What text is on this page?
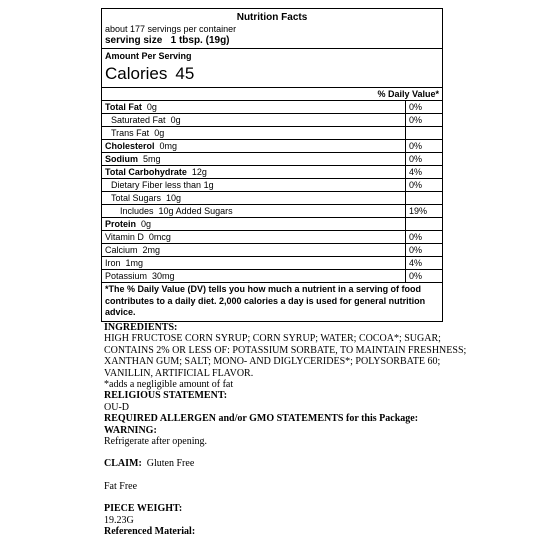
Nutrition Facts
about 177 servings per container
serving size 1 tbsp. (19g)
Amount Per Serving
Calories 45
% Daily Value*	
Total Fat 0g	0%
Saturated Fat 0g	0%
Trans Fat 0g	
Cholesterol 0mg	0%
Sodium 5mg	0%
Total Carbohydrate 12g	4%
Dietary Fiber less than 1g	0%
Total Sugars 10g	
Includes 10g Added Sugars	19%
Protein 0g	
Vitamin D 0mcg	0%
Calcium 2mg	0%
Iron 1mg	4%
Potassium 30mg	0%
*The % Daily Value (DV) tells you how much a nutrient in a serving of food contributes to a daily diet. 2,000 calories a day is used for general nutrition advice.
INGREDIENTS:
HIGH FRUCTOSE CORN SYRUP; CORN SYRUP; WATER; COCOA*; SUGAR;
CONTAINS 2% OR LESS OF: POTASSIUM SORBATE, TO MAINTAIN FRESHNESS;
XANTHAN GUM; SALT; MONO- AND DIGLYCERIDES*; POLYSORBATE 60;
VANILLIN, ARTIFICIAL FLAVOR.
*adds a negligible amount of fat
RELIGIOUS STATEMENT:
OU-D
REQUIRED ALLERGEN and/or GMO STATEMENTS for this Package:
WARNING:
Refrigerate after opening.
CLAIM: Gluten Free
Fat Free
PIECE WEIGHT:
19.23G
Referenced Material:
